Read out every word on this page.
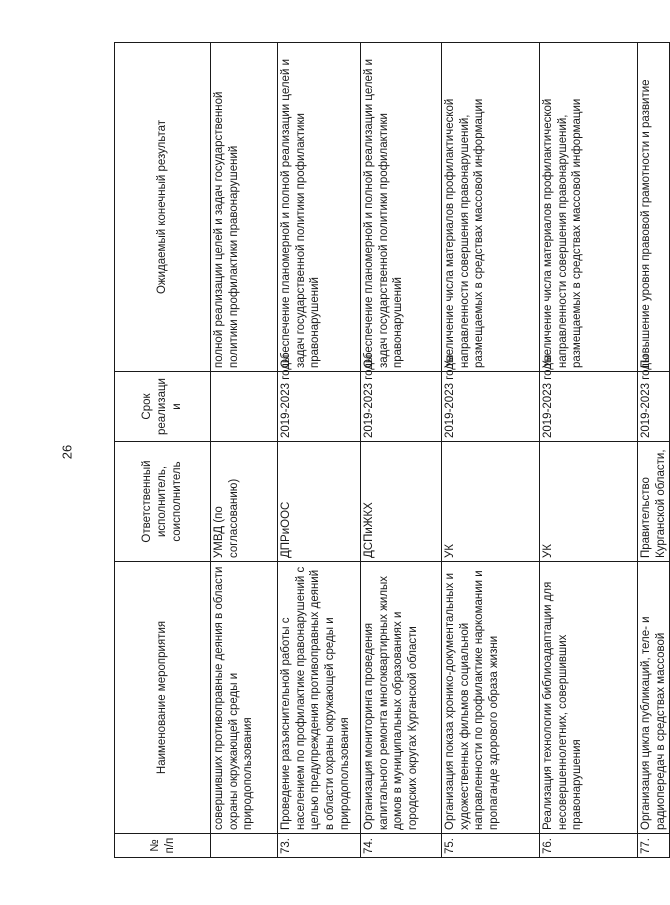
26
№ п/п	Наименование мероприятия	Ответственный исполнитель, соисполнитель	Срок реализации	Ожидаемый конечный результат
	совершивших противоправные деяния в области охраны окружающей среды и природопользования	УМВД (по согласованию)		полной реализации целей и задач государственной политики профилактики правонарушений
73.	Проведение разъяснительной работы с населением по профилактике правонарушений с целью предупреждения противоправных деяний в области охраны окружающей среды и природопользования	ДПРиООС	2019-2023 годы	Обеспечение планомерной и полной реализации целей и задач государственной политики профилактики правонарушений
74.	Организация мониторинга проведения капитального ремонта многоквартирных жилых домов в муниципальных образованиях и городских округах Курганской области	ДСПиЖКХ	2019-2023 годы	Обеспечение планомерной и полной реализации целей и задач государственной политики профилактики правонарушений
75.	Организация показа хронико-документальных и художественных фильмов социальной направленности по профилактике наркомании и пропаганде здорового образа жизни	УК	2019-2023 годы	Увеличение числа материалов профилактической направленности совершения правонарушений, размещаемых в средствах массовой информации
76.	Реализация технологии библиоадаптации для несовершеннолетних, совершивших правонарушения	УК	2019-2023 годы	Увеличение числа материалов профилактической направленности совершения правонарушений, размещаемых в средствах массовой информации
77.	Организация цикла публикаций, теле- и радиопередач в средствах массовой	Правительство Курганской области,	2019-2023 годы	Повышение уровня правовой грамотности и развитие
